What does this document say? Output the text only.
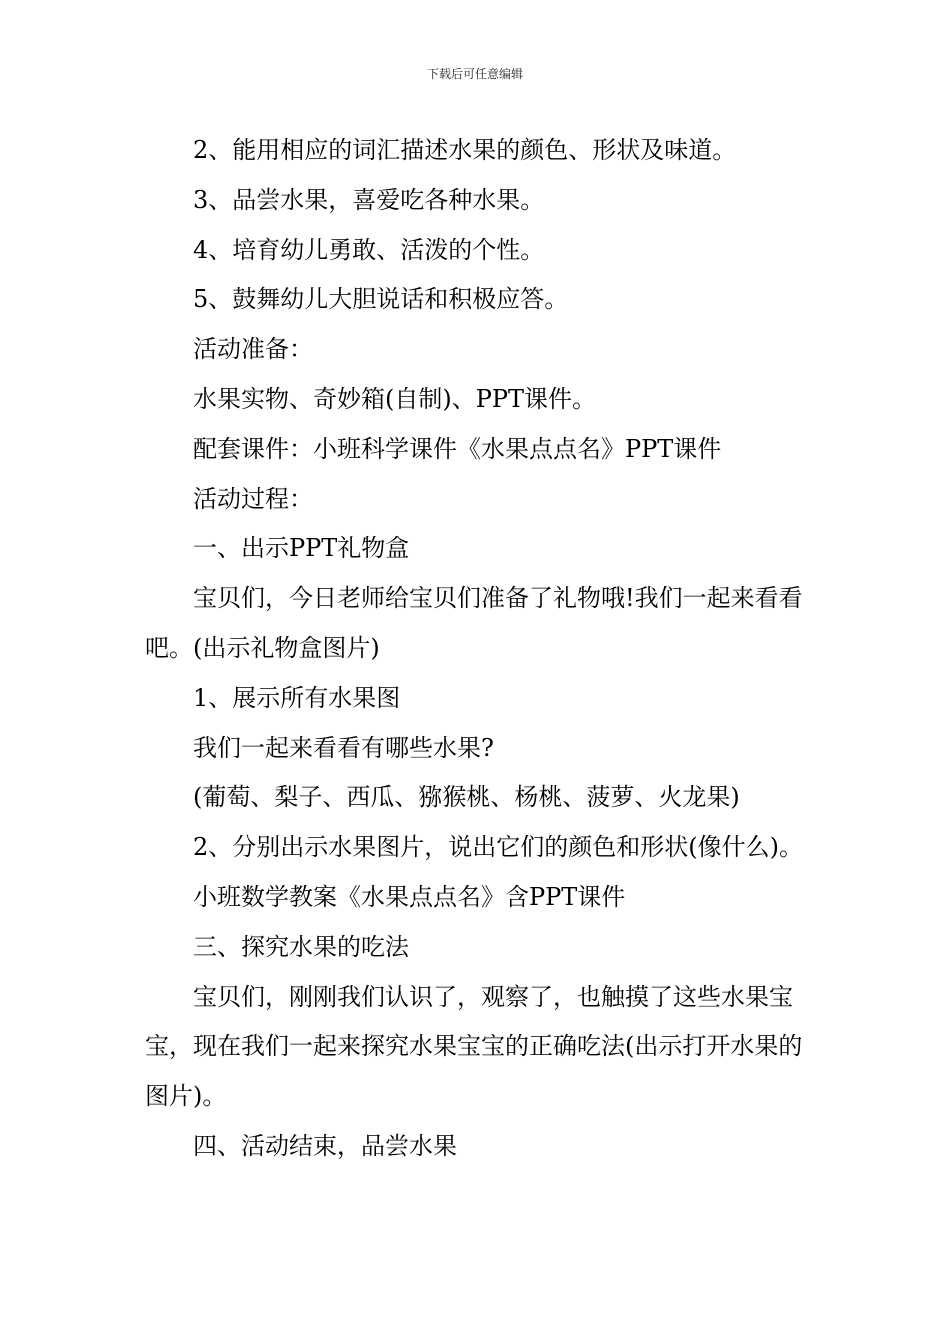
下载后可任意编辑

2、能用相应的词汇描述水果的颜色、形状及味道。

3、品尝水果，喜爱吃各种水果。

4、培育幼儿勇敢、活泼的个性。

5、鼓舞幼儿大胆说话和积极应答。

活动准备：

水果实物、奇妙箱(自制)、PPT课件。

配套课件：小班科学课件《水果点点名》PPT课件

活动过程：

一、出示PPT礼物盒

宝贝们，今日老师给宝贝们准备了礼物哦!我们一起来看看吧。(出示礼物盒图片)

1、展示所有水果图

我们一起来看看有哪些水果?

(葡萄、梨子、西瓜、猕猴桃、杨桃、菠萝、火龙果)

2、分别出示水果图片，说出它们的颜色和形状(像什么)。

小班数学教案《水果点点名》含PPT课件

三、探究水果的吃法

宝贝们，刚刚我们认识了，观察了，也触摸了这些水果宝宝，现在我们一起来探究水果宝宝的正确吃法(出示打开水果的图片)。

四、活动结束，品尝水果
